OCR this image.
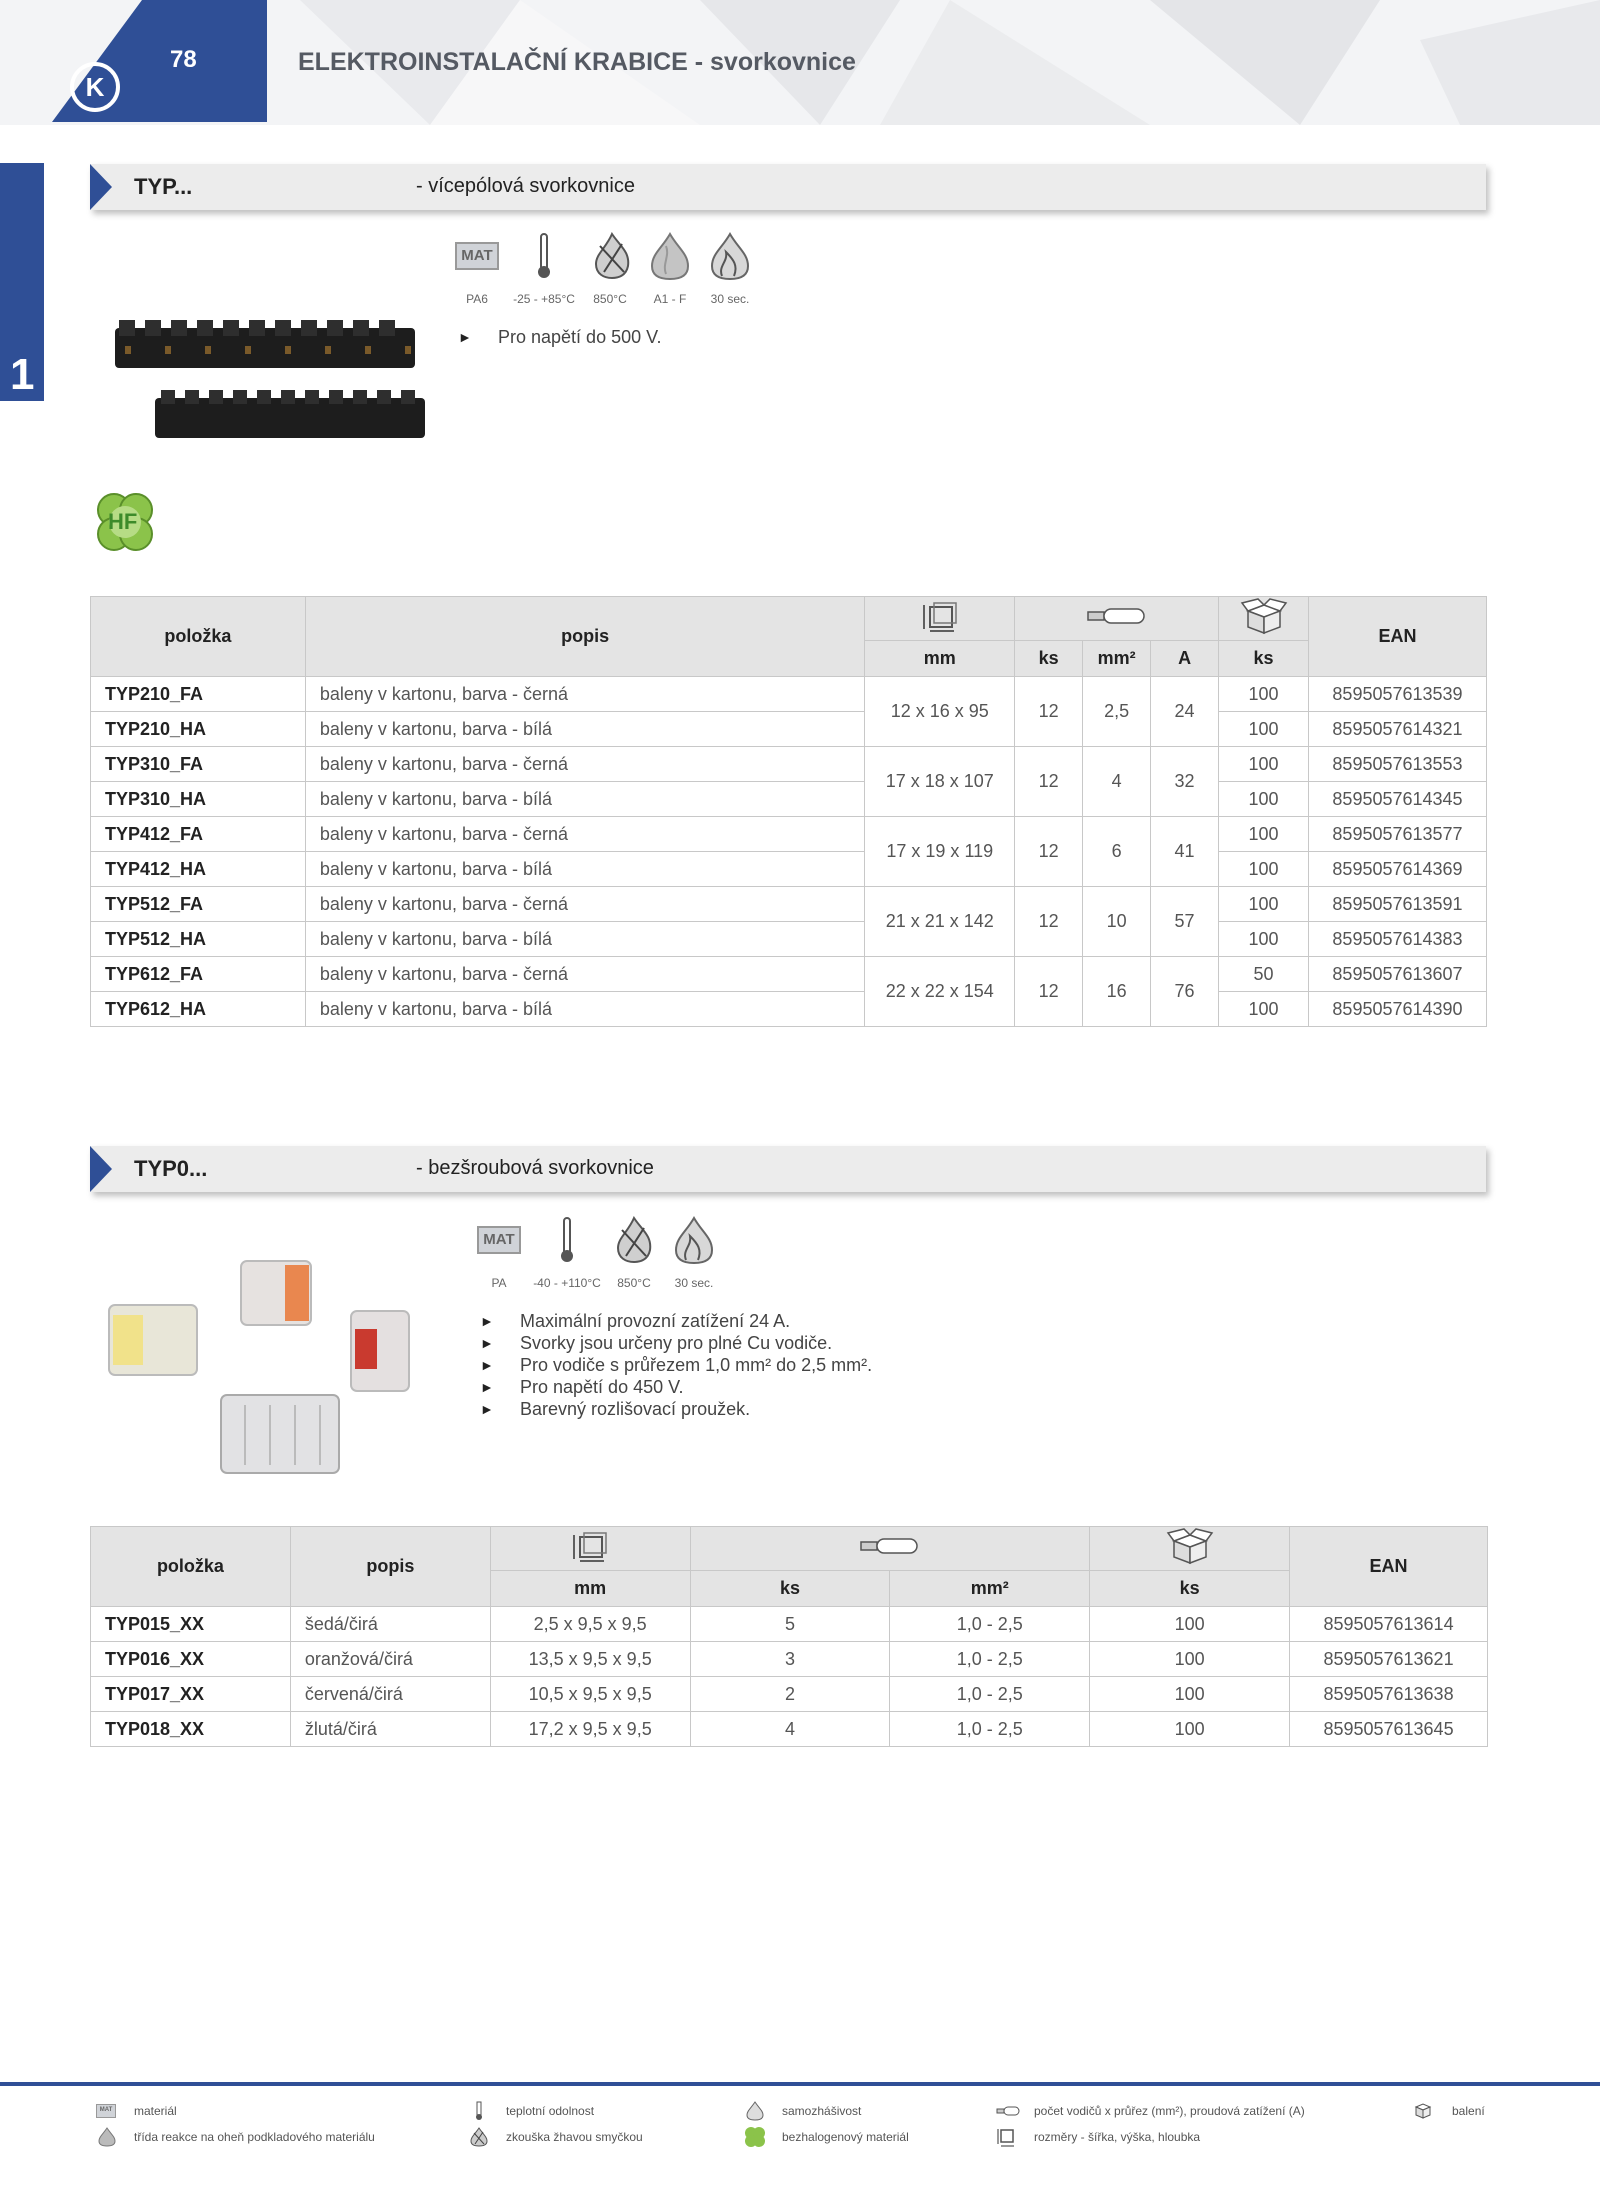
K
78	ELEKTROINSTALAČNÍ KRABICE - svorkovnice
1
TYP...	- vícepólová svorkovnice
MAT
PA6	-25 - +85°C	850°C	A1 - F	30 sec.
► Pro napětí do 500 V.
HF
položka	popis						EAN
		mm	ks	mm²	A	ks	
TYP210_FA	baleny v kartonu, barva - černá	12 x 16 x 95	12	2,5	24	100	8595057613539
TYP210_HA	baleny v kartonu, barva - bílá					100	8595057614321
TYP310_FA	baleny v kartonu, barva - černá	17 x 18 x 107	12	4	32	100	8595057613553
TYP310_HA	baleny v kartonu, barva - bílá					100	8595057614345
TYP412_FA	baleny v kartonu, barva - černá	17 x 19 x 119	12	6	41	100	8595057613577
TYP412_HA	baleny v kartonu, barva - bílá					100	8595057614369
TYP512_FA	baleny v kartonu, barva - černá	21 x 21 x 142	12	10	57	100	8595057613591
TYP512_HA	baleny v kartonu, barva - bílá					100	8595057614383
TYP612_FA	baleny v kartonu, barva - černá	22 x 22 x 154	12	16	76	50	8595057613607
TYP612_HA	baleny v kartonu, barva - bílá					100	8595057614390
TYP0...	- bezšroubová svorkovnice
MAT
PA	-40 - +110°C	850°C	30 sec.
► Maximální provozní zatížení 24 A.
► Svorky jsou určeny pro plné Cu vodiče.
► Pro vodiče s průřezem 1,0 mm² do 2,5 mm².
► Pro napětí do 450 V.
► Barevný rozlišovací proužek.
položka	popis					EAN
		mm	ks	mm²	ks	
TYP015_XX	šedá/čirá	2,5 x 9,5 x 9,5	5	1,0 - 2,5	100	8595057613614
TYP016_XX	oranžová/čirá	13,5 x 9,5 x 9,5	3	1,0 - 2,5	100	8595057613621
TYP017_XX	červená/čirá	10,5 x 9,5 x 9,5	2	1,0 - 2,5	100	8595057613638
TYP018_XX	žlutá/čirá	17,2 x 9,5 x 9,5	4	1,0 - 2,5	100	8595057613645
MAT	materiál
třída reakce na oheň podkladového materiálu
teplotní odolnost
zkouška žhavou smyčkou
samozhášivost
bezhalogenový materiál
počet vodičů x průřez (mm²), proudová zatížení (A)
rozměry - šířka, výška, hloubka
balení
